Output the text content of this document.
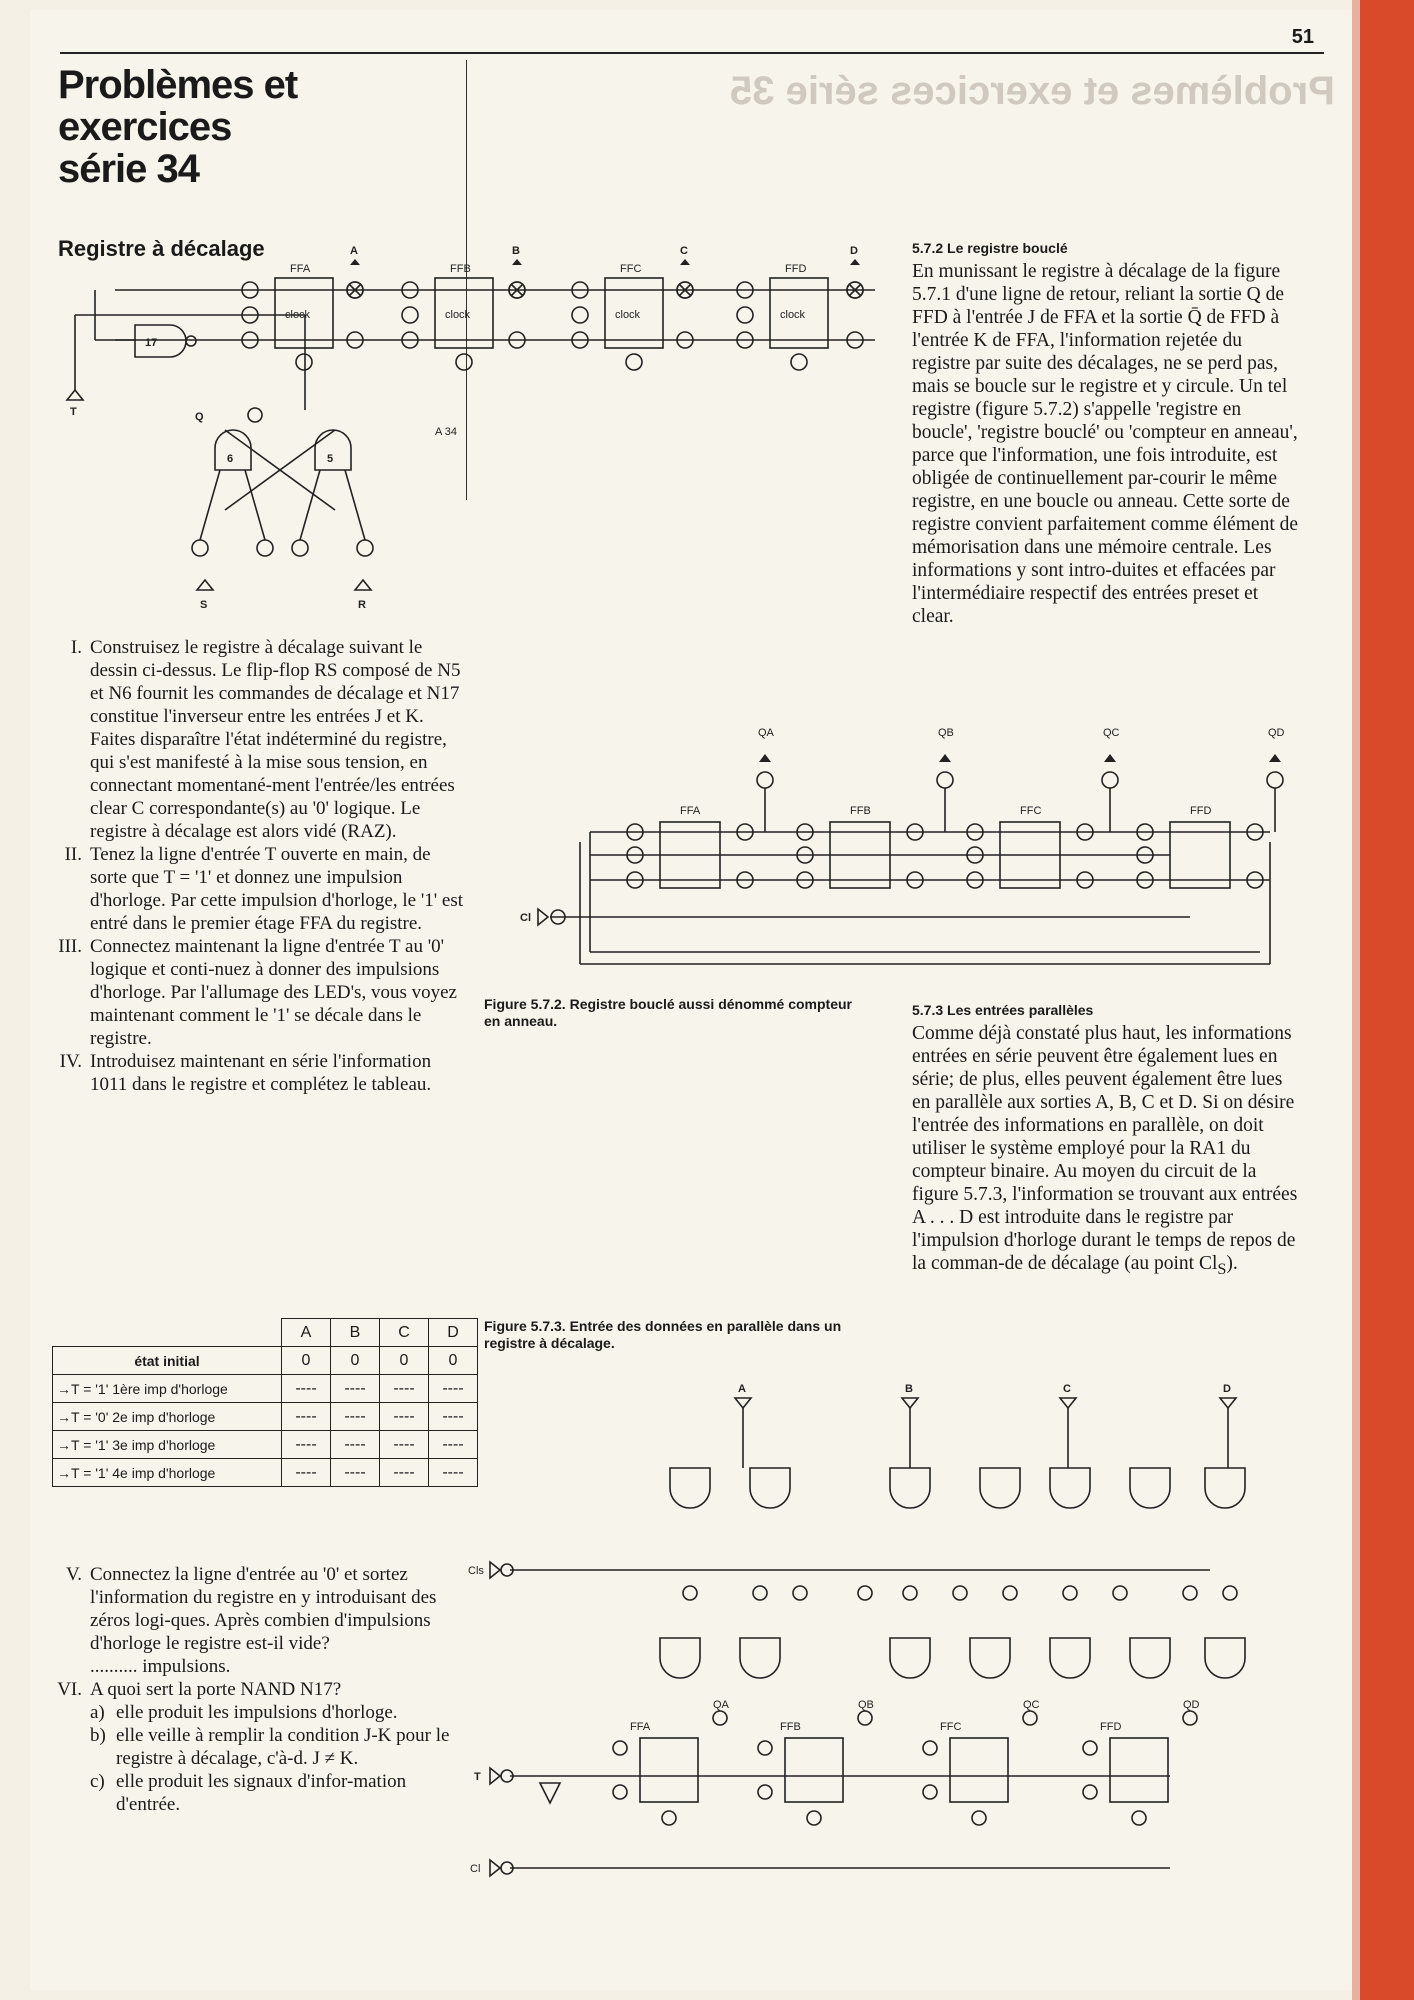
51
Problèmes et exercices
série 34
Problèmes et exercices série 35
Registre à décalage	A	B	C	D
FFA	FFB	FFC	FFD
clock	clock	clock	clock
17
6	5
Q
A 34
T
S	R
I. Construisez le registre à décalage suivant le dessin ci-dessus. Le flip-flop RS composé de N5 et N6 fournit les commandes de décalage et N17 constitue l'inverseur entre les entrées J et K. Faites disparaître l'état indéterminé du registre, qui s'est manifesté à la mise sous tension, en connectant momentané-ment l'entrée/les entrées clear C correspondante(s) au '0' logique. Le registre à décalage est alors vidé (RAZ).
II. Tenez la ligne d'entrée T ouverte en main, de sorte que T = '1' et donnez une impulsion d'horloge. Par cette impulsion d'horloge, le '1' est entré dans le premier étage FFA du registre.
III. Connectez maintenant la ligne d'entrée T au '0' logique et conti-nuez à donner des impulsions d'horloge. Par l'allumage des LED's, vous voyez maintenant comment le '1' se décale dans le registre.
IV. Introduisez maintenant en série l'information 1011 dans le registre et complétez le tableau.
	A	B	C	D
état initial	0	0	0	0
→T = '1' 1ère imp d'horloge	----	----	----	----
→T = '0' 2e imp d'horloge	----	----	----	----
→T = '1' 3e imp d'horloge	----	----	----	----
→T = '1' 4e imp d'horloge	----	----	----	----
V. Connectez la ligne d'entrée au '0' et sortez l'information du registre en y introduisant des zéros logi-ques. Après combien d'impulsions d'horloge le registre est-il vide?
.......... impulsions.
VI. A quoi sert la porte NAND N17?
a) elle produit les impulsions d'horloge.
b) elle veille à remplir la condition J-K pour le registre à décalage, c'à-d. J ≠ K.
c) elle produit les signaux d'infor-mation d'entrée.
5.7.2 Le registre bouclé
En munissant le registre à décalage de la figure 5.7.1 d'une ligne de retour, reliant la sortie Q de FFD à l'entrée J de FFA et la sortie Q̄ de FFD à l'entrée K de FFA, l'information rejetée du registre par suite des décalages, ne se perd pas, mais se boucle sur le registre et y circule. Un tel registre (figure 5.7.2) s'appelle 'registre en boucle', 'registre bouclé' ou 'compteur en anneau', parce que l'information, une fois introduite, est obligée de continuellement par-courir le même registre, en une boucle ou anneau. Cette sorte de registre convient parfaitement comme élément de mémorisation dans une mémoire centrale. Les informations y sont intro-duites et effacées par l'intermédiaire respectif des entrées preset et clear.
QA	QB	QC	QD
FFA	FFB	FFC	FFD
Cl
Figure 5.7.2. Registre bouclé aussi dénommé compteur en anneau.
5.7.3 Les entrées parallèles
Comme déjà constaté plus haut, les informations entrées en série peuvent être également lues en série; de plus, elles peuvent également être lues en parallèle aux sorties A, B, C et D. Si on désire l'entrée des informations en parallèle, on doit utiliser le système employé pour la RA1 du compteur binaire. Au moyen du circuit de la figure 5.7.3, l'information se trouvant aux entrées A . . . D est introduite dans le registre par l'impulsion d'horloge durant le temps de repos de la comman-de de décalage (au point $Cl_S$).
Figure 5.7.3. Entrée des données en parallèle dans un registre à décalage.
A	B	C	D
Cls
T
Cl
FFA	FFB	FFC	FFD
QA	QB	QC	QD
